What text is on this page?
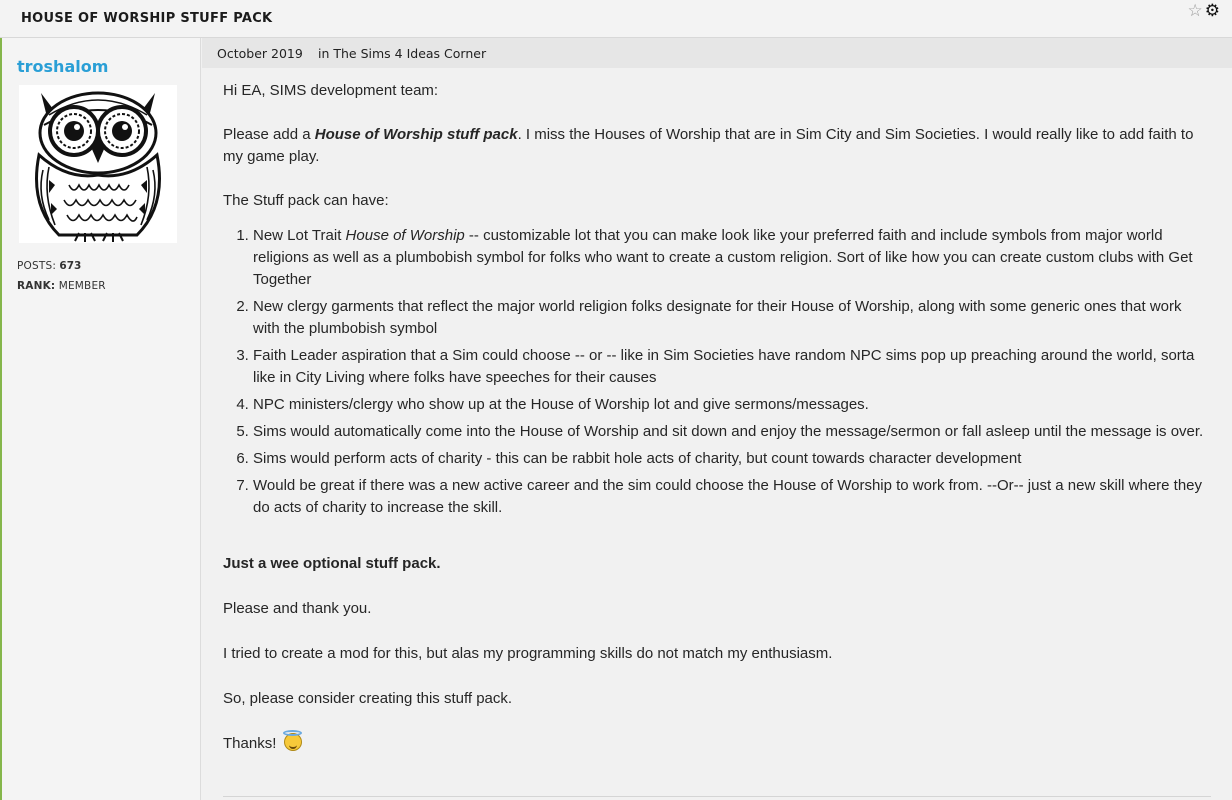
HOUSE OF WORSHIP STUFF PACK	☆ ⚙
troshalom
POSTS: 673
RANK: MEMBER
October 2019 in The Sims 4 Ideas Corner

Hi EA, SIMS development team:

Please add a House of Worship stuff pack. I miss the Houses of Worship that are in Sim City and Sim Societies. I would really like to add faith to my game play.

The Stuff pack can have:

1. New Lot Trait House of Worship -- customizable lot that you can make look like your preferred faith and include symbols from major world religions as well as a plumbobish symbol for folks who want to create a custom religion. Sort of like how you can create custom clubs with Get Together
2. New clergy garments that reflect the major world religion folks designate for their House of Worship, along with some generic ones that work with the plumbobish symbol
3. Faith Leader aspiration that a Sim could choose -- or -- like in Sim Societies have random NPC sims pop up preaching around the world, sorta like in City Living where folks have speeches for their causes
4. NPC ministers/clergy who show up at the House of Worship lot and give sermons/messages.
5. Sims would automatically come into the House of Worship and sit down and enjoy the message/sermon or fall asleep until the message is over.
6. Sims would perform acts of charity - this can be rabbit hole acts of charity, but count towards character development
7. Would be great if there was a new active career and the sim could choose the House of Worship to work from. --Or-- just a new skill where they do acts of charity to increase the skill.

Just a wee optional stuff pack.

Please and thank you.

I tried to create a mod for this, but alas my programming skills do not match my enthusiasm.

So, please consider creating this stuff pack.

Thanks!
